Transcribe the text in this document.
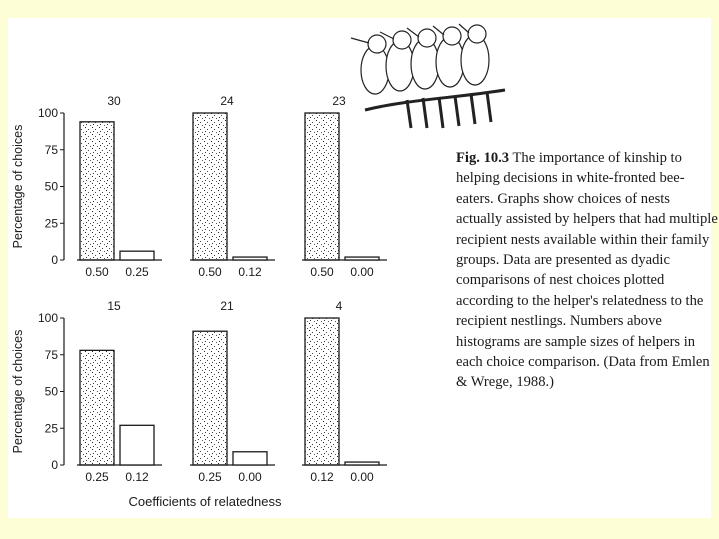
0
25
50
75
100
Percentage of choices
30
0.50 0.25
24
0.50 0.12
23
0.50 0.00
0
25
50
75
100
Percentage of choices
15
0.25 0.12
21
0.25 0.00
4
0.12 0.00
Coefficients of relatedness
Fig. 10.3 The importance of kinship to helping decisions in white-fronted bee-eaters. Graphs show choices of nests actually assisted by helpers that had multiple recipient nests available within their family groups. Data are presented as dyadic comparisons of nest choices plotted according to the helper's relatedness to the recipient nestlings. Numbers above histograms are sample sizes of helpers in each choice comparison. (Data from Emlen & Wrege, 1988.)
